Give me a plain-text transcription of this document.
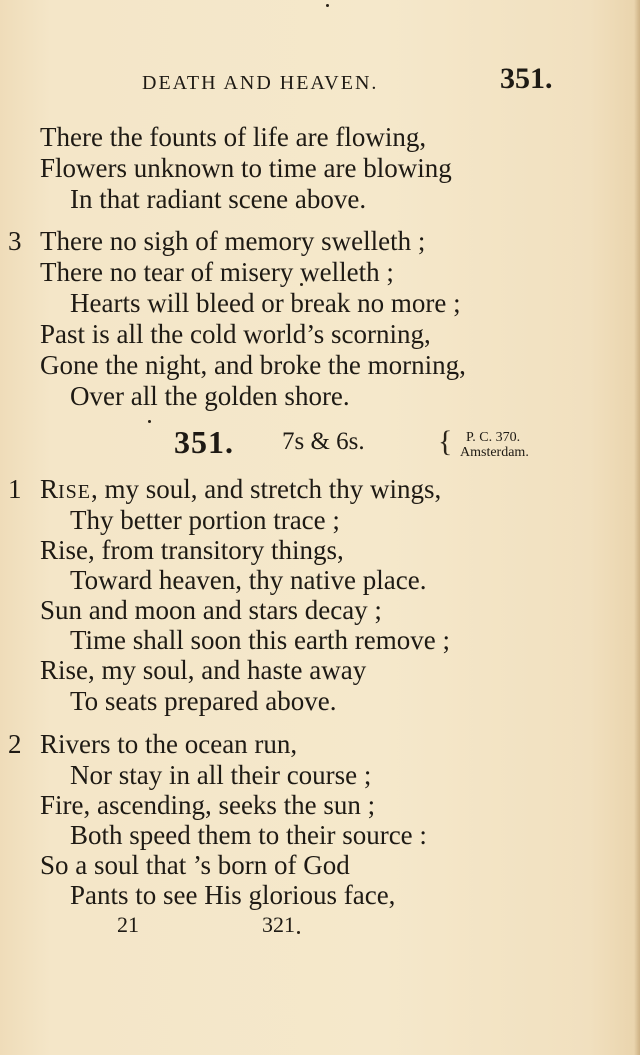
DEATH AND HEAVEN.	351.
There the founts of life are flowing,
Flowers unknown to time are blowing
In that radiant scene above.
3 There no sigh of memory swelleth ;
There no tear of misery welleth ;
Hearts will bleed or break no more ;
Past is all the cold world’s scorning,
Gone the night, and broke the morning,
Over all the golden shore.
351. 7s & 6s. { P. C. 370.
Amsterdam.
1 RISE, my soul, and stretch thy wings,
Thy better portion trace ;
Rise, from transitory things,
Toward heaven, thy native place.
Sun and moon and stars decay ;
Time shall soon this earth remove ;
Rise, my soul, and haste away
To seats prepared above.
2 Rivers to the ocean run,
Nor stay in all their course ;
Fire, ascending, seeks the sun ;
Both speed them to their source :
So a soul that ’s born of God
Pants to see His glorious face,
21	321
